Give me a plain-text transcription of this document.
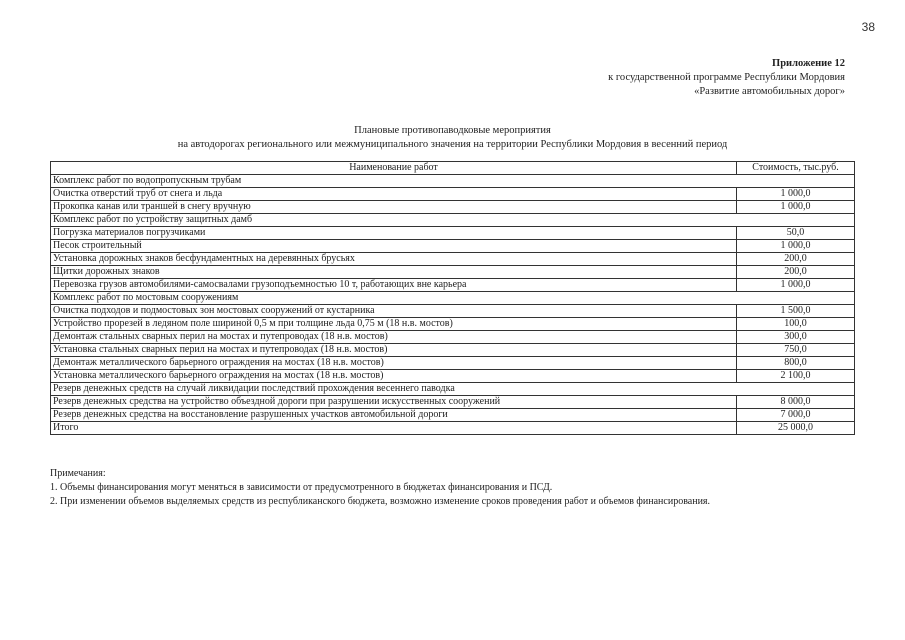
38
Приложение 12
к государственной программе Республики Мордовия
«Развитие автомобильных дорог»
Плановые противопаводковые мероприятия
на автодорогах регионального или межмуниципального значения на территории Республики Мордовия в весенний период
Наименование работ	Стоимость, тыс.руб.
Комплекс работ по водопропускным трубам	
Очистка отверстий труб от снега и льда	1 000,0
Прокопка канав или траншей в снегу вручную	1 000,0
Комплекс работ по устройству защитных дамб	
Погрузка материалов погрузчиками	50,0
Песок строительный	1 000,0
Установка дорожных знаков бесфундаментных на деревянных брусьях	200,0
Щитки дорожных знаков	200,0
Перевозка грузов автомобилями-самосвалами грузоподъемностью 10 т, работающих вне карьера	1 000,0
Комплекс работ по мостовым сооружениям	
Очистка подходов и подмостовых зон мостовых сооружений от кустарника	1 500,0
Устройство прорезей в ледяном поле шириной 0,5 м при толщине льда 0,75 м (18 н.в. мостов)	100,0
Демонтаж стальных сварных перил на мостах и путепроводах (18 н.в. мостов)	300,0
Установка стальных сварных перил на мостах и путепроводах (18 н.в. мостов)	750,0
Демонтаж металлического барьерного ограждения на мостах (18 н.в. мостов)	800,0
Установка металлического барьерного ограждения на мостах (18 н.в. мостов)	2 100,0
Резерв денежных средств на случай ликвидации последствий прохождения весеннего паводка	
Резерв денежных средства на устройство объездной дороги при разрушении искусственных сооружений	8 000,0
Резерв денежных средства на восстановление разрушенных участков автомобильной дороги	7 000,0
Итого	25 000,0
Примечания:
1. Объемы финансирования могут меняться в зависимости от предусмотренного в бюджетах финансирования и ПСД.
2. При изменении объемов выделяемых средств из республиканского бюджета, возможно изменение сроков проведения работ и объемов финансирования.
